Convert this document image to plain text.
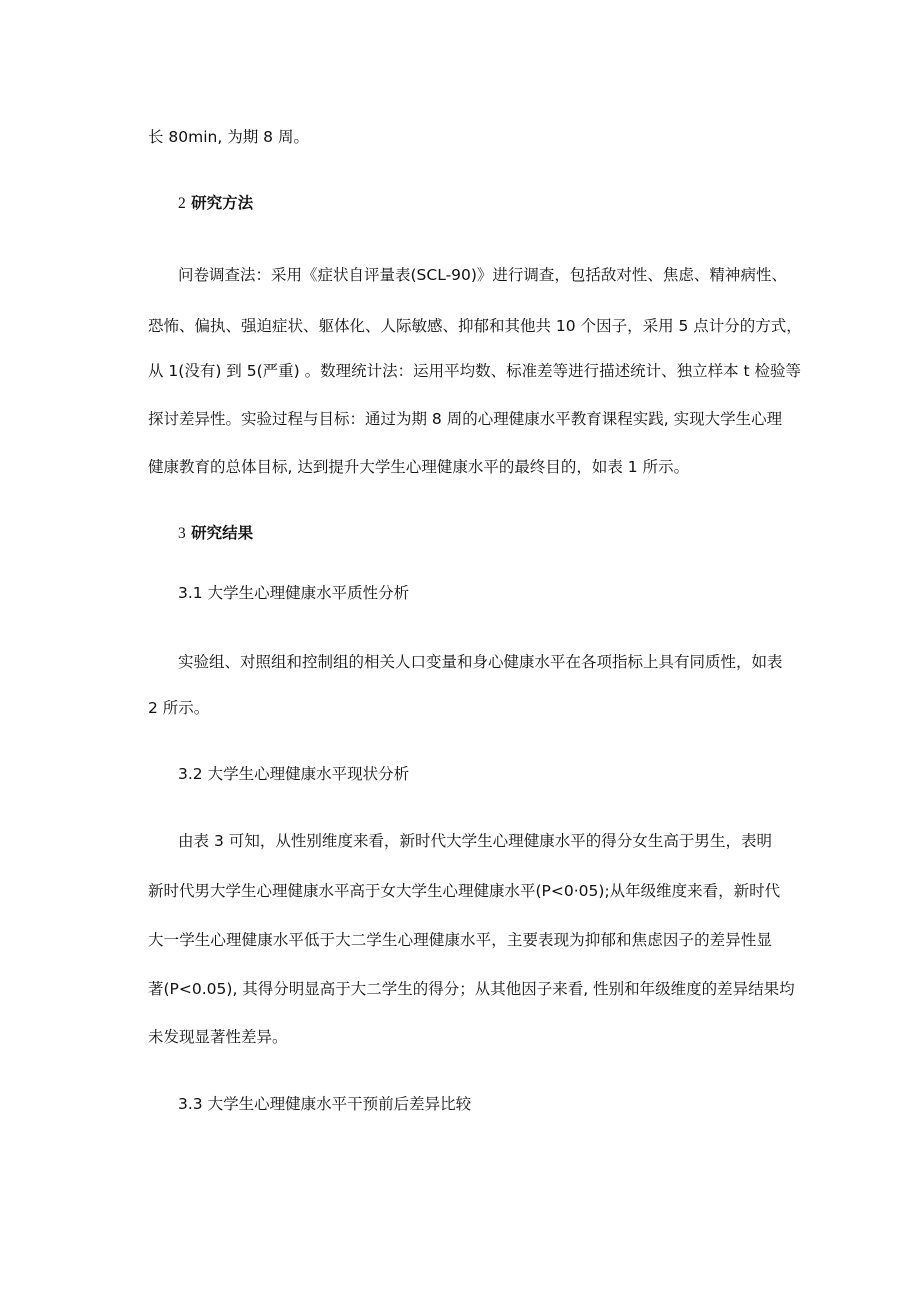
长 80min, 为期 8 周。
2 研究方法
问卷调查法：采用《症状自评量表(SCL-90)》进行调查，包括敌对性、焦虑、精神病性、
恐怖、偏执、强迫症状、躯体化、人际敏感、抑郁和其他共 10 个因子，采用 5 点计分的方式，
从 1(没有) 到 5(严重) 。数理统计法：运用平均数、标准差等进行描述统计、独立样本 t 检验等
探讨差异性。实验过程与目标：通过为期 8 周的心理健康水平教育课程实践, 实现大学生心理
健康教育的总体目标, 达到提升大学生心理健康水平的最终目的，如表 1 所示。
3 研究结果
3.1 大学生心理健康水平质性分析
实验组、对照组和控制组的相关人口变量和身心健康水平在各项指标上具有同质性，如表
2 所示。
3.2 大学生心理健康水平现状分析
由表 3 可知，从性别维度来看，新时代大学生心理健康水平的得分女生高于男生，表明
新时代男大学生心理健康水平高于女大学生心理健康水平(P<0·05);从年级维度来看，新时代
大一学生心理健康水平低于大二学生心理健康水平，主要表现为抑郁和焦虑因子的差异性显
著(P<0.05), 其得分明显高于大二学生的得分；从其他因子来看, 性别和年级维度的差异结果均
未发现显著性差异。
3.3 大学生心理健康水平干预前后差异比较
